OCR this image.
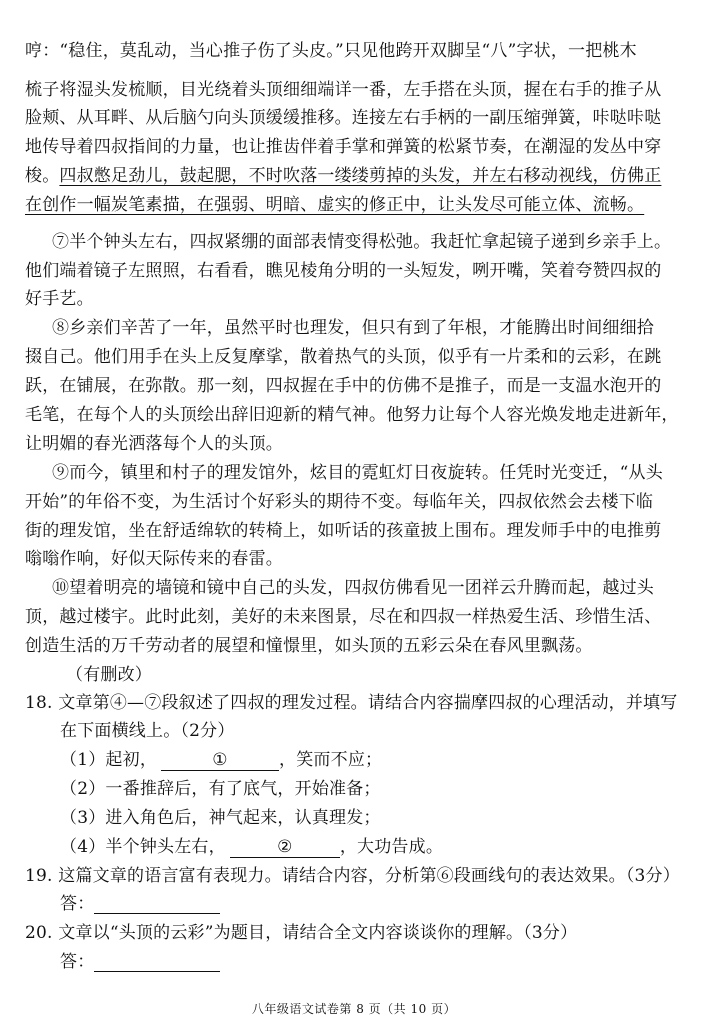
哼：“稳住，莫乱动，当心推子伤了头皮。”只见他跨开双脚呈“八”字状，一把桃木
梳子将湿头发梳顺，目光绕着头顶细细端详一番，左手搭在头顶，握在右手的推子从
脸颊、从耳畔、从后脑勺向头顶缓缓推移。连接左右手柄的一副压缩弹簧，咔哒咔哒
地传导着四叔指间的力量，也让推齿伴着手掌和弹簧的松紧节奏，在潮湿的发丛中穿
梭。四叔憋足劲儿，鼓起腮，不时吹落一缕缕剪掉的头发，并左右移动视线，仿佛正
在创作一幅炭笔素描，在强弱、明暗、虚实的修正中，让头发尽可能立体、流畅。
⑦半个钟头左右，四叔紧绷的面部表情变得松弛。我赶忙拿起镜子递到乡亲手上。
他们端着镜子左照照，右看看，瞧见棱角分明的一头短发，咧开嘴，笑着夸赞四叔的
好手艺。
⑧乡亲们辛苦了一年，虽然平时也理发，但只有到了年根，才能腾出时间细细拾
掇自己。他们用手在头上反复摩挲，散着热气的头顶，似乎有一片柔和的云彩，在跳
跃，在铺展，在弥散。那一刻，四叔握在手中的仿佛不是推子，而是一支温水泡开的
毛笔，在每个人的头顶绘出辞旧迎新的精气神。他努力让每个人容光焕发地走进新年，
让明媚的春光洒落每个人的头顶。
⑨而今，镇里和村子的理发馆外，炫目的霓虹灯日夜旋转。任凭时光变迁，“从头
开始”的年俗不变，为生活讨个好彩头的期待不变。每临年关，四叔依然会去楼下临
街的理发馆，坐在舒适绵软的转椅上，如听话的孩童披上围布。理发师手中的电推剪
嗡嗡作响，好似天际传来的春雷。
⑩望着明亮的墙镜和镜中自己的头发，四叔仿佛看见一团祥云升腾而起，越过头
顶，越过楼宇。此时此刻，美好的未来图景，尽在和四叔一样热爱生活、珍惜生活、
创造生活的万千劳动者的展望和憧憬里，如头顶的五彩云朵在春风里飘荡。
（有删改）
18. 文章第④—⑦段叙述了四叔的理发过程。请结合内容揣摩四叔的心理活动，并填写
在下面横线上。（2分）
（1）起初，	①	，笑而不应；
（2）一番推辞后，有了底气，开始准备；
（3）进入角色后，神气起来，认真理发；
（4）半个钟头左右，	②	，大功告成。
19. 这篇文章的语言富有表现力。请结合内容，分析第⑥段画线句的表达效果。（3分）
答：
20. 文章以“头顶的云彩”为题目，请结合全文内容谈谈你的理解。（3分）
答：
八年级语文试卷第 8 页（共 10 页）
